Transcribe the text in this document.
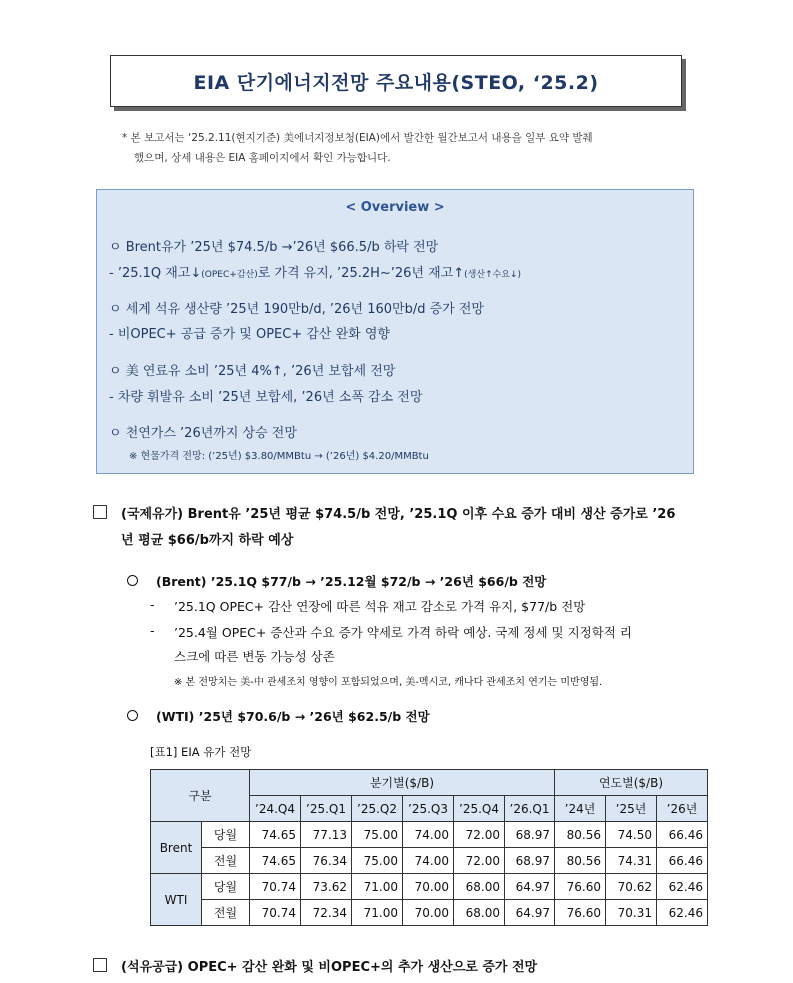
EIA 단기에너지전망 주요내용(STEO, ‘25.2)
* 본 보고서는 ‘25.2.11(현지기준) 美에너지정보청(EIA)에서 발간한 월간보고서 내용을 일부 요약 발췌
했으며, 상세 내용은 EIA 홈페이지에서 확인 가능합니다.
< Overview >
ㅇ Brent유가 ’25년 $74.5/b →’26년 $66.5/b 하락 전망
- ’25.1Q 재고↓(OPEC+감산)로 가격 유지, ’25.2H~’26년 재고↑(생산↑수요↓)
ㅇ 세계 석유 생산량 ’25년 190만b/d, ’26년 160만b/d 증가 전망
- 비OPEC+ 공급 증가 및 OPEC+ 감산 완화 영향
ㅇ 美 연료유 소비 ’25년 4%↑, ’26년 보합세 전망
- 차량 휘발유 소비 ’25년 보합세, ’26년 소폭 감소 전망
ㅇ 천연가스 ’26년까지 상승 전망
※ 현물가격 전망: (’25년) $3.80/MMBtu → (’26년) $4.20/MMBtu
(국제유가) Brent유 ’25년 평균 $74.5/b 전망, ’25.1Q 이후 수요 증가 대비 생산 증가로 ’26
년 평균 $66/b까지 하락 예상
(Brent) ’25.1Q $77/b → ’25.12월 $72/b → ’26년 $66/b 전망
- ’25.1Q OPEC+ 감산 연장에 따른 석유 재고 감소로 가격 유지, $77/b 전망
- ’25.4월 OPEC+ 증산과 수요 증가 약세로 가격 하락 예상. 국제 정세 및 지정학적 리
스크에 따른 변동 가능성 상존
※ 본 전망치는 美-中 관세조치 영향이 포함되었으며, 美-멕시코, 캐나다 관세조치 연기는 미반영됨.
(WTI) ’25년 $70.6/b → ’26년 $62.5/b 전망
[표1] EIA 유가 전망
구분		분기별($/B)						연도별($/B)		
		’24.Q4	’25.Q1	’25.Q2	’25.Q3	’25.Q4	’26.Q1	’24년	’25년	’26년
Brent	당월	74.65	77.13	75.00	74.00	72.00	68.97	80.56	74.50	66.46
	전월	74.65	76.34	75.00	74.00	72.00	68.97	80.56	74.31	66.46
WTI	당월	70.74	73.62	71.00	70.00	68.00	64.97	76.60	70.62	62.46
	전월	70.74	72.34	71.00	70.00	68.00	64.97	76.60	70.31	62.46
(석유공급) OPEC+ 감산 완화 및 비OPEC+의 추가 생산으로 증가 전망
